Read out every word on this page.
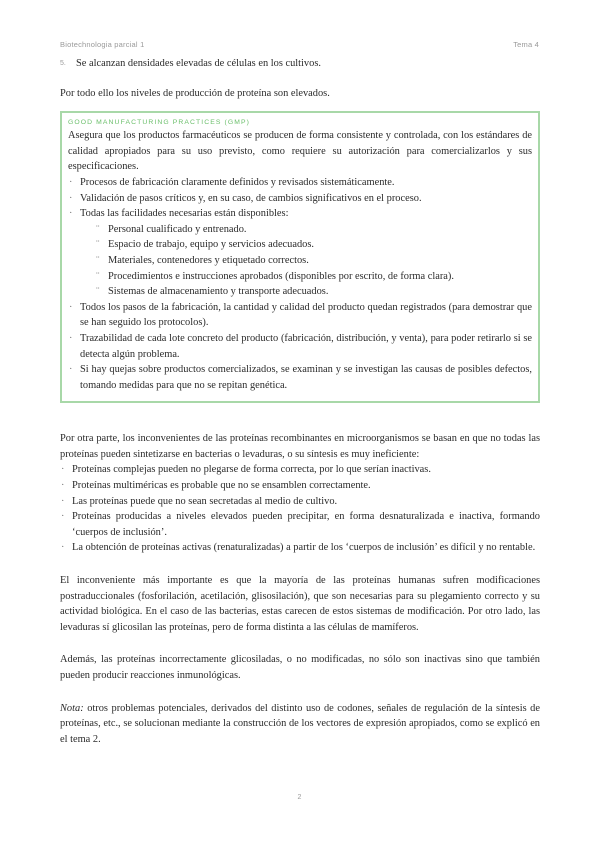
Biotechnologia parcial 1	Tema 4

5. Se alcanzan densidades elevadas de células en los cultivos.

Por todo ello los niveles de producción de proteína son elevados.

GOOD MANUFACTURING PRACTICES (GMP)

Asegura que los productos farmacéuticos se producen de forma consistente y controlada, con los estándares de calidad apropiados para su uso previsto, como requiere su autorización para comercializarlos y sus especificaciones.

· Procesos de fabricación claramente definidos y revisados sistemáticamente.
· Validación de pasos críticos y, en su caso, de cambios significativos en el proceso.
· Todas las facilidades necesarias están disponibles:
¨ Personal cualificado y entrenado.
¨ Espacio de trabajo, equipo y servicios adecuados.
¨ Materiales, contenedores y etiquetado correctos.
¨ Procedimientos e instrucciones aprobados (disponibles por escrito, de forma clara).
¨ Sistemas de almacenamiento y transporte adecuados.
· Todos los pasos de la fabricación, la cantidad y calidad del producto quedan registrados (para demostrar que se han seguido los protocolos).
· Trazabilidad de cada lote concreto del producto (fabricación, distribución, y venta), para poder retirarlo si se detecta algún problema.
· Si hay quejas sobre productos comercializados, se examinan y se investigan las causas de posibles defectos, tomando medidas para que no se repitan genética.

Por otra parte, los inconvenientes de las proteínas recombinantes en microorganismos se basan en que no todas las proteínas pueden sintetizarse en bacterias o levaduras, o su síntesis es muy ineficiente:

· Proteínas complejas pueden no plegarse de forma correcta, por lo que serían inactivas.
· Proteínas multiméricas es probable que no se ensamblen correctamente.
· Las proteínas puede que no sean secretadas al medio de cultivo.
· Proteínas producidas a niveles elevados pueden precipitar, en forma desnaturalizada e inactiva, formando ‘cuerpos de inclusión’.
· La obtención de proteínas activas (renaturalizadas) a partir de los ‘cuerpos de inclusión’ es difícil y no rentable.

El inconveniente más importante es que la mayoría de las proteínas humanas sufren modificaciones postraduccionales (fosforilación, acetilación, glisosilación), que son necesarias para su plegamiento correcto y su actividad biológica. En el caso de las bacterias, estas carecen de estos sistemas de modificación. Por otro lado, las levaduras sí glicosilan las proteínas, pero de forma distinta a las células de mamíferos.

Además, las proteínas incorrectamente glicosiladas, o no modificadas, no sólo son inactivas sino que también pueden producir reacciones inmunológicas.

Nota: otros problemas potenciales, derivados del distinto uso de codones, señales de regulación de la síntesis de proteínas, etc., se solucionan mediante la construcción de los vectores de expresión apropiados, como se explicó en el tema 2.

2
